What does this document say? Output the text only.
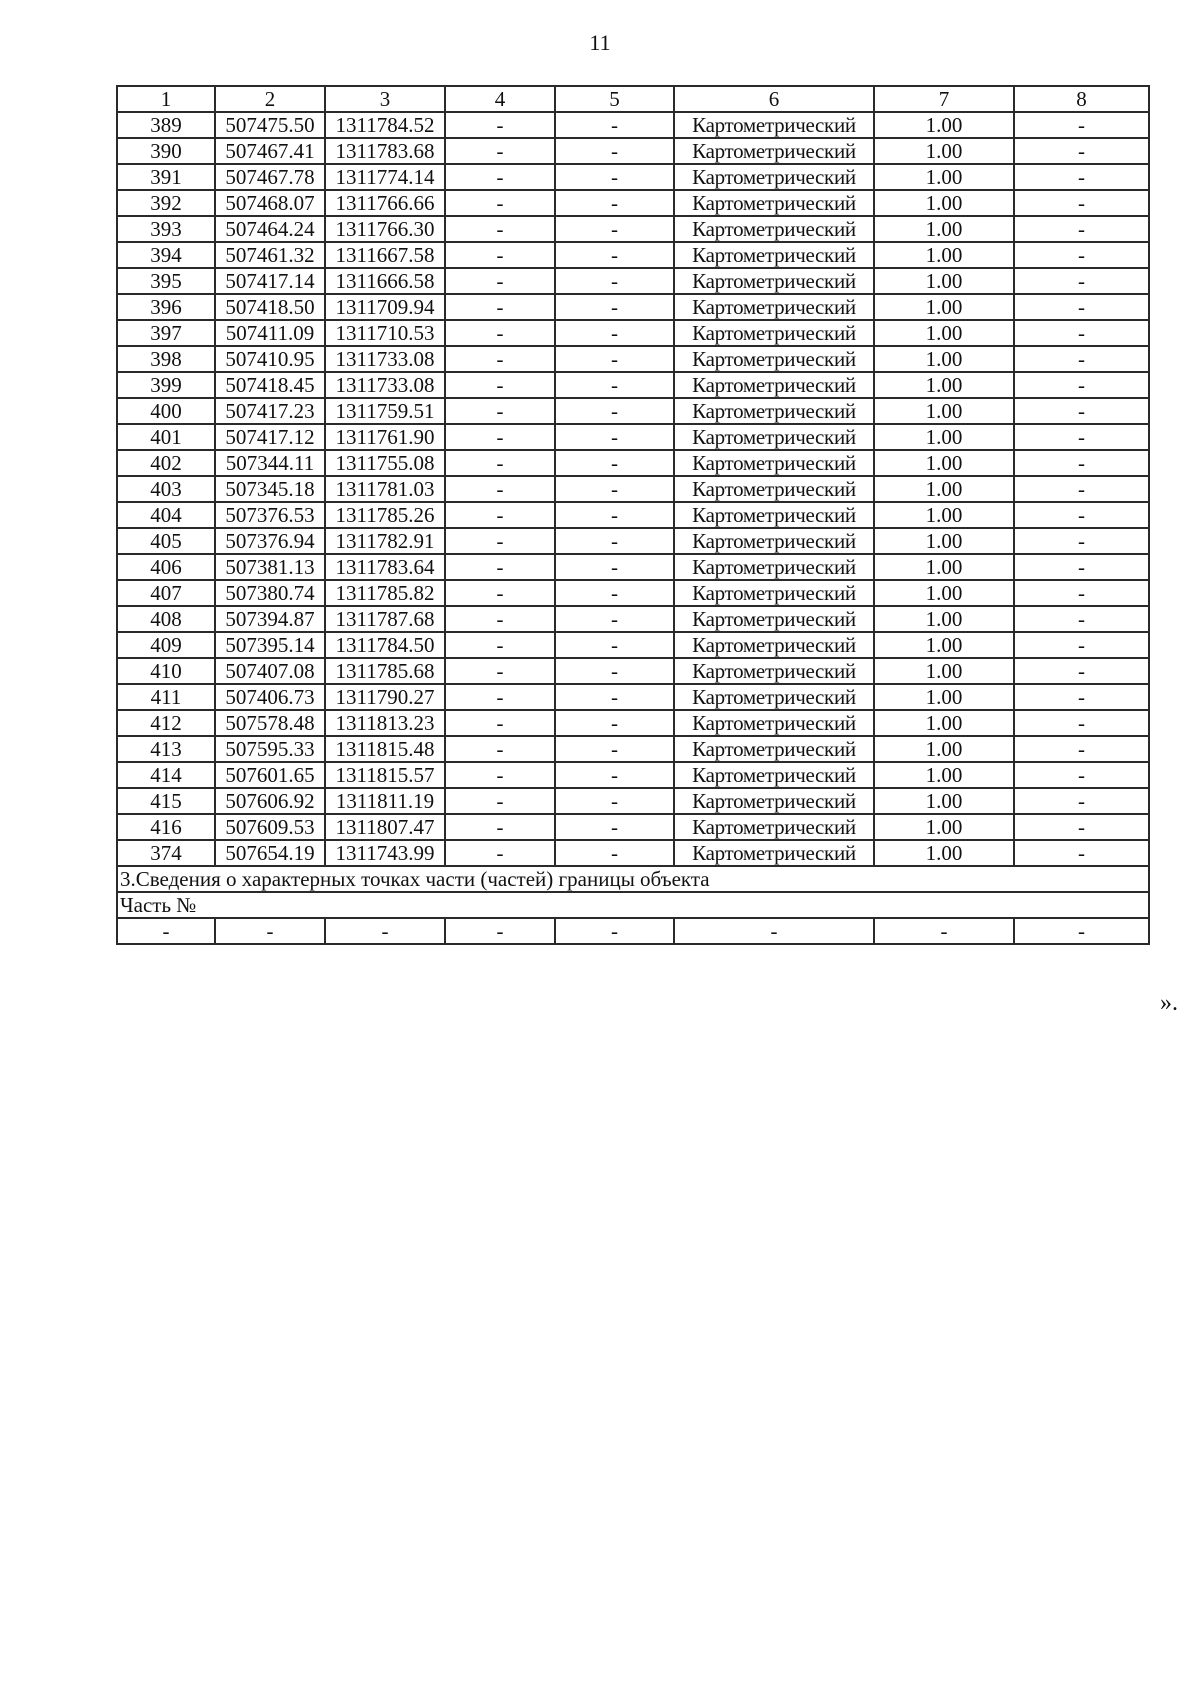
11
1	2	3	4	5	6	7	8
389	507475.50	1311784.52	-	-	Картометрический	1.00	-
390	507467.41	1311783.68	-	-	Картометрический	1.00	-
391	507467.78	1311774.14	-	-	Картометрический	1.00	-
392	507468.07	1311766.66	-	-	Картометрический	1.00	-
393	507464.24	1311766.30	-	-	Картометрический	1.00	-
394	507461.32	1311667.58	-	-	Картометрический	1.00	-
395	507417.14	1311666.58	-	-	Картометрический	1.00	-
396	507418.50	1311709.94	-	-	Картометрический	1.00	-
397	507411.09	1311710.53	-	-	Картометрический	1.00	-
398	507410.95	1311733.08	-	-	Картометрический	1.00	-
399	507418.45	1311733.08	-	-	Картометрический	1.00	-
400	507417.23	1311759.51	-	-	Картометрический	1.00	-
401	507417.12	1311761.90	-	-	Картометрический	1.00	-
402	507344.11	1311755.08	-	-	Картометрический	1.00	-
403	507345.18	1311781.03	-	-	Картометрический	1.00	-
404	507376.53	1311785.26	-	-	Картометрический	1.00	-
405	507376.94	1311782.91	-	-	Картометрический	1.00	-
406	507381.13	1311783.64	-	-	Картометрический	1.00	-
407	507380.74	1311785.82	-	-	Картометрический	1.00	-
408	507394.87	1311787.68	-	-	Картометрический	1.00	-
409	507395.14	1311784.50	-	-	Картометрический	1.00	-
410	507407.08	1311785.68	-	-	Картометрический	1.00	-
411	507406.73	1311790.27	-	-	Картометрический	1.00	-
412	507578.48	1311813.23	-	-	Картометрический	1.00	-
413	507595.33	1311815.48	-	-	Картометрический	1.00	-
414	507601.65	1311815.57	-	-	Картометрический	1.00	-
415	507606.92	1311811.19	-	-	Картометрический	1.00	-
416	507609.53	1311807.47	-	-	Картометрический	1.00	-
374	507654.19	1311743.99	-	-	Картометрический	1.00	-
3.Сведения о характерных точках части (частей) границы объекта							
Часть №							
-	-	-	-	-	-	-	-
».
